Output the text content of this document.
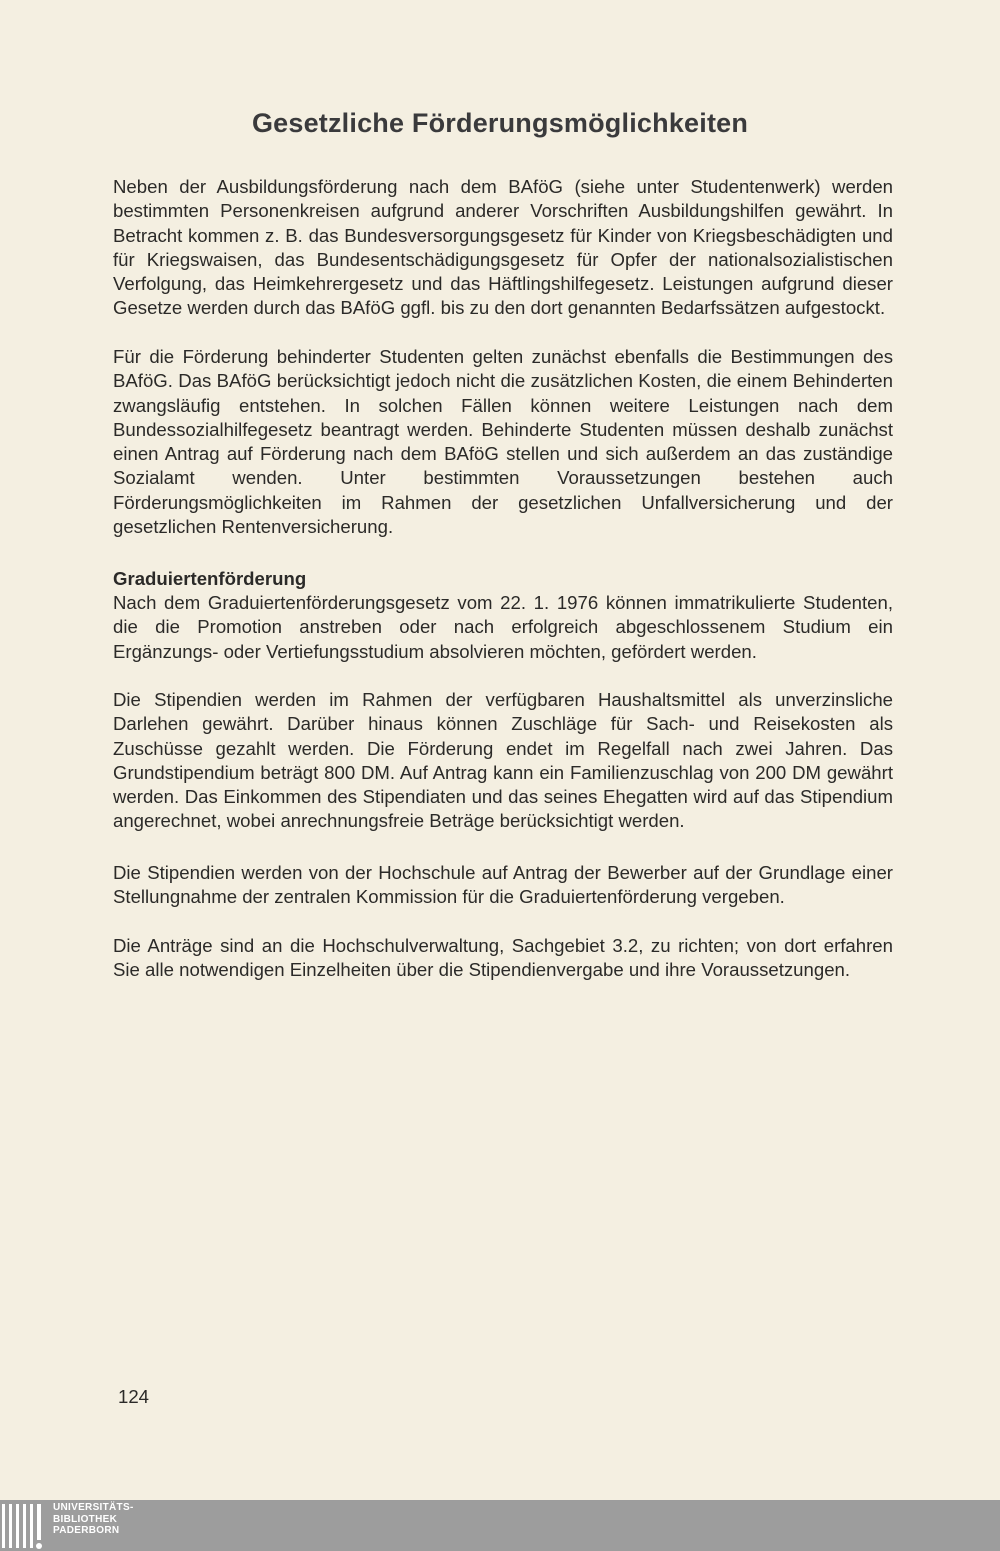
Gesetzliche Förderungsmöglichkeiten

Neben der Ausbildungsförderung nach dem BAföG (siehe unter Studentenwerk) werden bestimmten Personenkreisen aufgrund anderer Vorschriften Ausbildungshilfen gewährt. In Betracht kommen z. B. das Bundesversorgungsgesetz für Kinder von Kriegsbeschädigten und für Kriegswaisen, das Bundesentschädigungsgesetz für Opfer der nationalsozialistischen Verfolgung, das Heimkehrergesetz und das Häftlingshilfegesetz. Leistungen aufgrund dieser Gesetze werden durch das BAföG ggfl. bis zu den dort genannten Bedarfssätzen aufgestockt.

Für die Förderung behinderter Studenten gelten zunächst ebenfalls die Bestimmungen des BAföG. Das BAföG berücksichtigt jedoch nicht die zusätzlichen Kosten, die einem Behinderten zwangsläufig entstehen. In solchen Fällen können weitere Leistungen nach dem Bundessozialhilfegesetz beantragt werden. Behinderte Studenten müssen deshalb zunächst einen Antrag auf Förderung nach dem BAföG stellen und sich außerdem an das zuständige Sozialamt wenden. Unter bestimmten Voraussetzungen bestehen auch Förderungsmöglichkeiten im Rahmen der gesetzlichen Unfallversicherung und der gesetzlichen Rentenversicherung.

Graduiertenförderung

Nach dem Graduiertenförderungsgesetz vom 22. 1. 1976 können immatrikulierte Studenten, die die Promotion anstreben oder nach erfolgreich abgeschlossenem Studium ein Ergänzungs- oder Vertiefungsstudium absolvieren möchten, gefördert werden.

Die Stipendien werden im Rahmen der verfügbaren Haushaltsmittel als unverzinsliche Darlehen gewährt. Darüber hinaus können Zuschläge für Sach- und Reisekosten als Zuschüsse gezahlt werden. Die Förderung endet im Regelfall nach zwei Jahren. Das Grundstipendium beträgt 800 DM. Auf Antrag kann ein Familienzuschlag von 200 DM gewährt werden. Das Einkommen des Stipendiaten und das seines Ehegatten wird auf das Stipendium angerechnet, wobei anrechnungsfreie Beträge berücksichtigt werden.

Die Stipendien werden von der Hochschule auf Antrag der Bewerber auf der Grundlage einer Stellungnahme der zentralen Kommission für die Graduiertenförderung vergeben.

Die Anträge sind an die Hochschulverwaltung, Sachgebiet 3.2, zu richten; von dort erfahren Sie alle notwendigen Einzelheiten über die Stipendienvergabe und ihre Voraussetzungen.

124
UNIVERSITÄTS-
BIBLIOTHEK
PADERBORN
